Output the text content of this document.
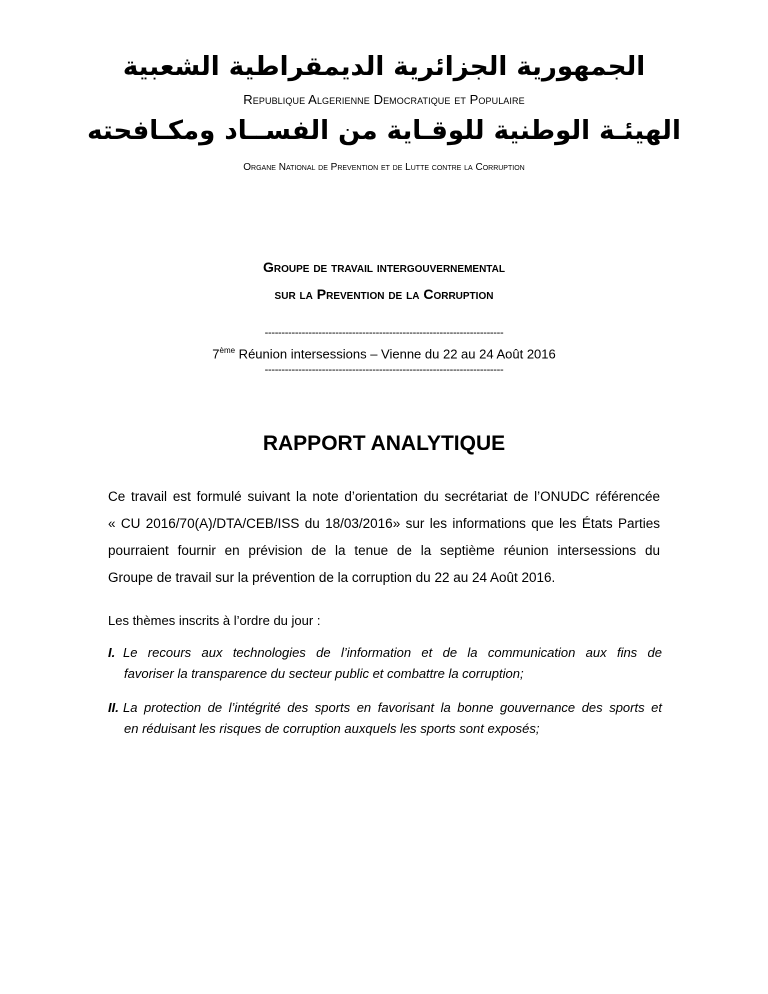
الجمهورية الجزائرية الديمقراطية الشعبية
Republique Algerienne Democratique et Populaire
الهيئـة الوطنية للوقـاية من الفســاد ومكـافحته
Organe National de Prevention et de Lutte contre la Corruption
Groupe de travail intergouvernemental
sur la Prevention de la Corruption
-----------------------------------------------------------------------
7ème Réunion intersessions – Vienne du 22 au 24 Août 2016
-----------------------------------------------------------------------
RAPPORT ANALYTIQUE
Ce travail est formulé suivant la note d’orientation du secrétariat de l’ONUDC référencée
« CU 2016/70(A)/DTA/CEB/ISS du 18/03/2016» sur les informations que les États Parties
pourraient fournir en prévision de la tenue de la septième réunion intersessions du
Groupe de travail sur la prévention de la corruption du 22 au 24 Août 2016.
Les thèmes inscrits à l’ordre du jour :
I. Le recours aux technologies de l’information et de la communication aux fins de
favoriser la transparence du secteur public et combattre la corruption;
II. La protection de l’intégrité des sports en favorisant la bonne gouvernance des sports et
en réduisant les risques de corruption auxquels les sports sont exposés;
